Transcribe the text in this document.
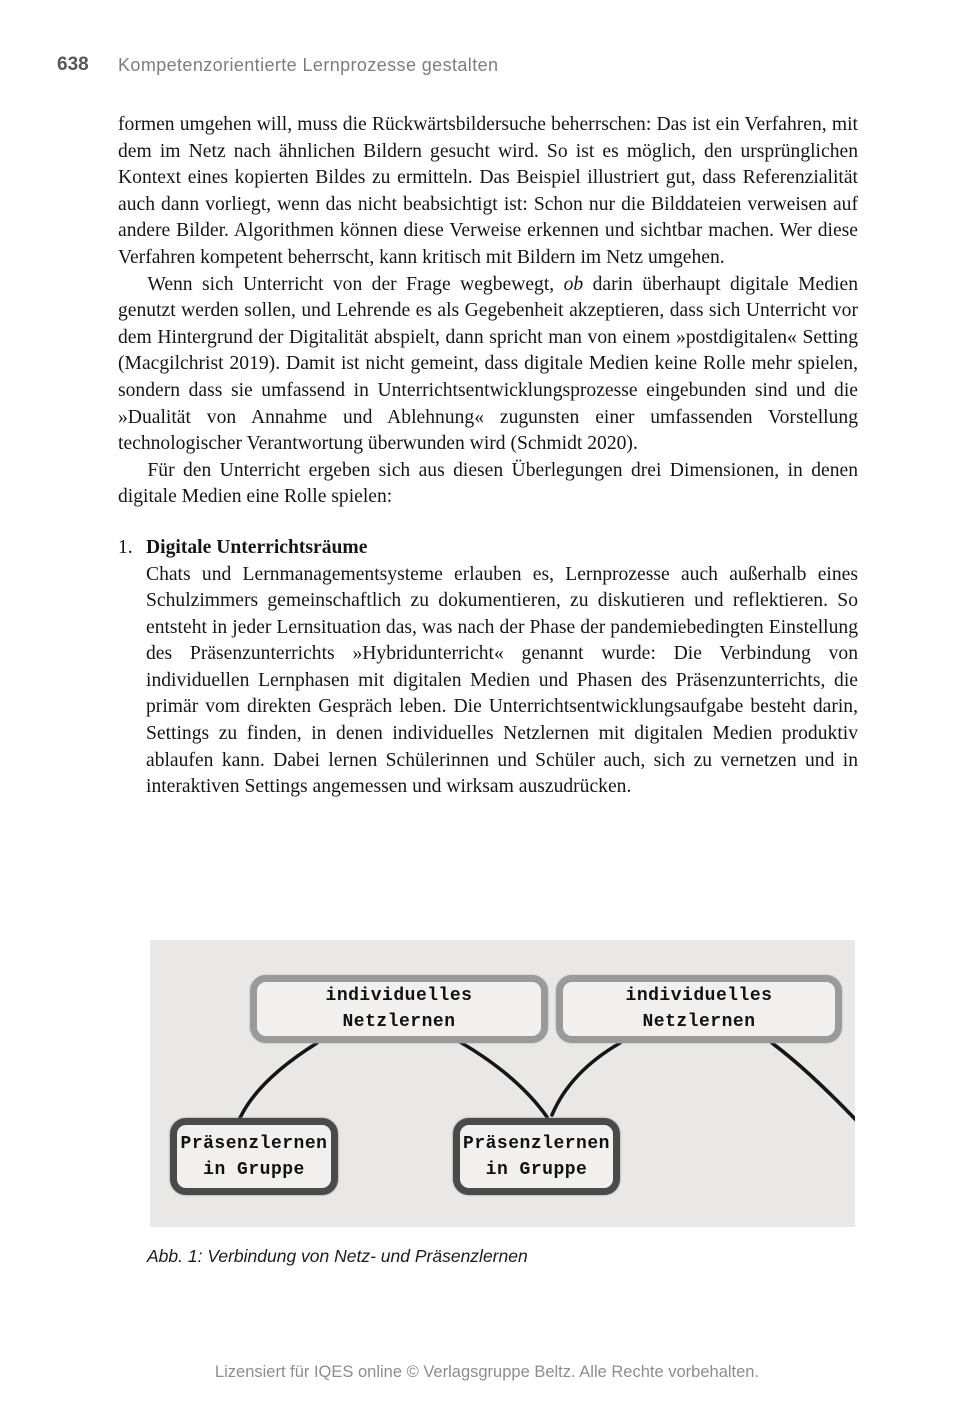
638 Kompetenzorientierte Lernprozesse gestalten

formen umgehen will, muss die Rückwärtsbildersuche beherrschen: Das ist ein Verfahren, mit dem im Netz nach ähnlichen Bildern gesucht wird. So ist es möglich, den ursprünglichen Kontext eines kopierten Bildes zu ermitteln. Das Beispiel illustriert gut, dass Referenzialität auch dann vorliegt, wenn das nicht beabsichtigt ist: Schon nur die Bilddateien verweisen auf andere Bilder. Algorithmen können diese Verweise erkennen und sichtbar machen. Wer diese Verfahren kompetent beherrscht, kann kritisch mit Bildern im Netz umgehen.

Wenn sich Unterricht von der Frage wegbewegt, ob darin überhaupt digitale Medien genutzt werden sollen, und Lehrende es als Gegebenheit akzeptieren, dass sich Unterricht vor dem Hintergrund der Digitalität abspielt, dann spricht man von einem »postdigitalen« Setting (Macgilchrist 2019). Damit ist nicht gemeint, dass digitale Medien keine Rolle mehr spielen, sondern dass sie umfassend in Unterrichtsentwicklungsprozesse eingebunden sind und die »Dualität von Annahme und Ablehnung« zugunsten einer umfassenden Vorstellung technologischer Verantwortung überwunden wird (Schmidt 2020).

Für den Unterricht ergeben sich aus diesen Überlegungen drei Dimensionen, in denen digitale Medien eine Rolle spielen:

1. Digitale Unterrichtsräume

Chats und Lernmanagementsysteme erlauben es, Lernprozesse auch außerhalb eines Schulzimmers gemeinschaftlich zu dokumentieren, zu diskutieren und reflektieren. So entsteht in jeder Lernsituation das, was nach der Phase der pandemiebedingten Einstellung des Präsenzunterrichts »Hybridunterricht« genannt wurde: Die Verbindung von individuellen Lernphasen mit digitalen Medien und Phasen des Präsenzunterrichts, die primär vom direkten Gespräch leben. Die Unterrichtsentwicklungsaufgabe besteht darin, Settings zu finden, in denen individuelles Netzlernen mit digitalen Medien produktiv ablaufen kann. Dabei lernen Schülerinnen und Schüler auch, sich zu vernetzen und in interaktiven Settings angemessen und wirksam auszudrücken.

individuelles
Netzlernen
individuelles
Netzlernen
Präsenzlernen
in Gruppe
Präsenzlernen
in Gruppe
Abb. 1: Verbindung von Netz- und Präsenzlernen
Lizensiert für IQES online © Verlagsgruppe Beltz. Alle Rechte vorbehalten.
